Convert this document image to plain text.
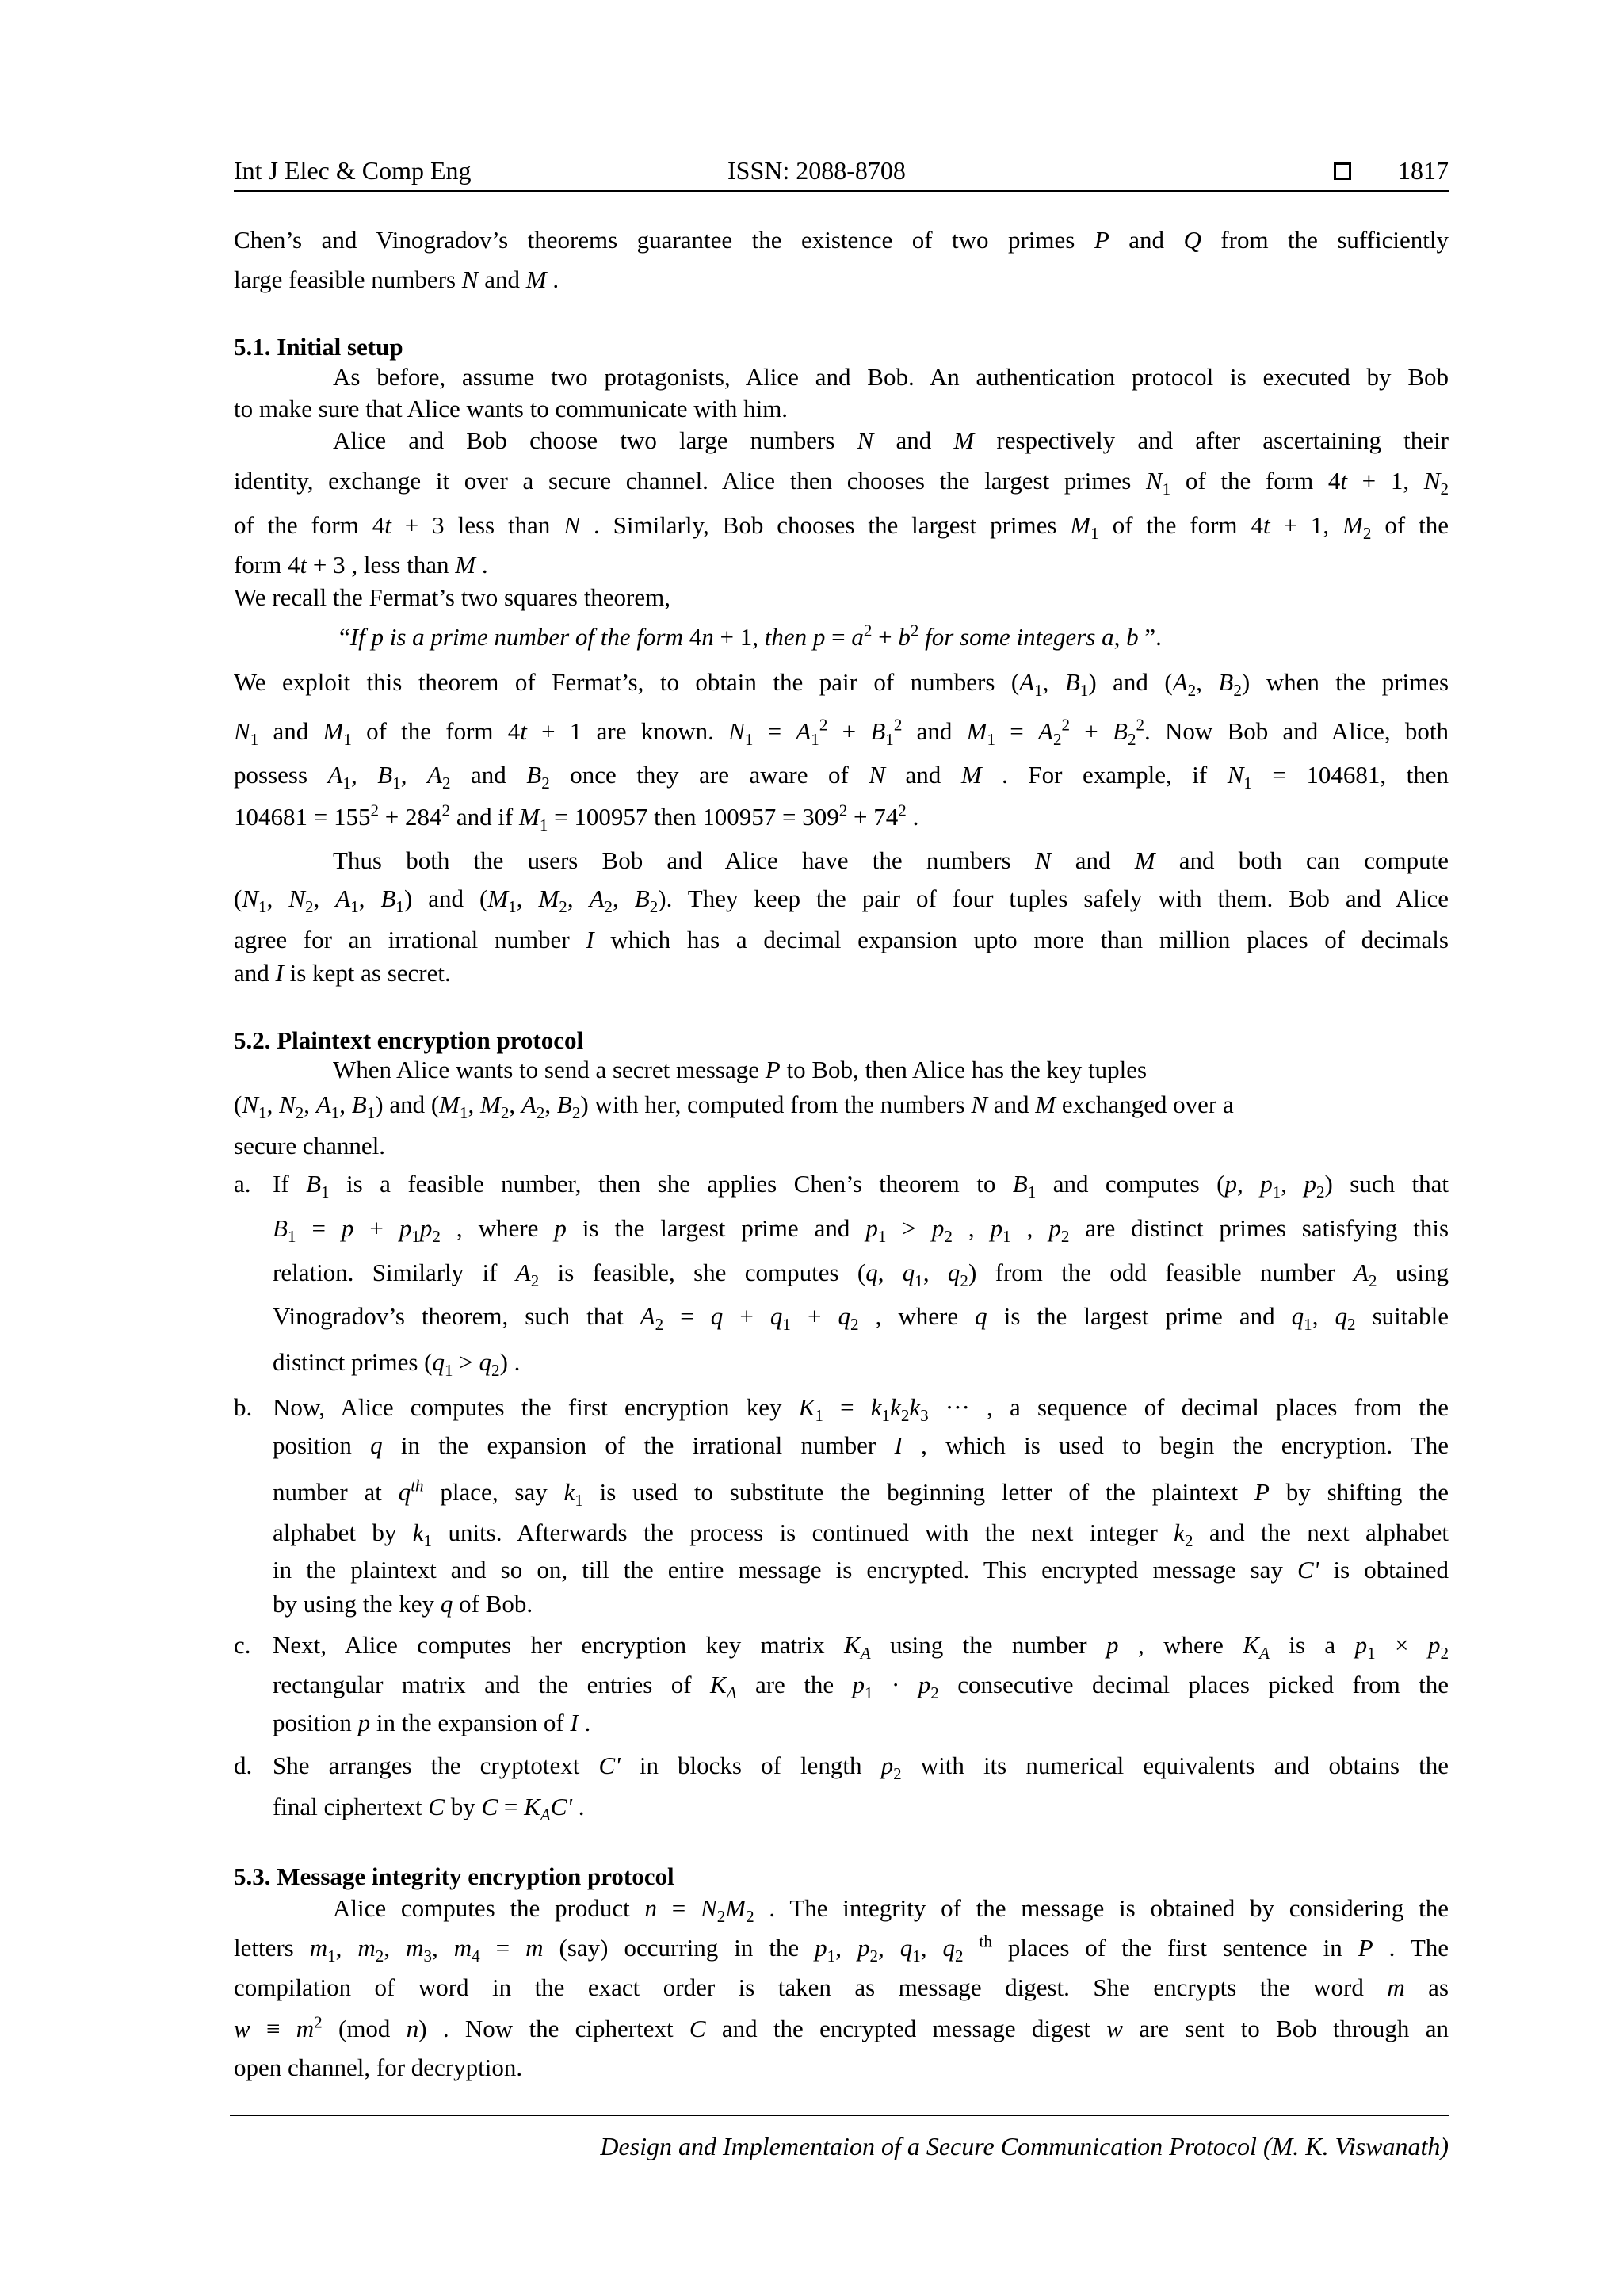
Int J Elec & Comp Eng	ISSN: 2088-8708	1817
Chen’s and Vinogradov’s theorems guarantee the existence of two primes P and Q from the sufficiently
large feasible numbers N and M .
5.1. Initial setup
As before, assume two protagonists, Alice and Bob. An authentication protocol is executed by Bob
to make sure that Alice wants to communicate with him.
Alice and Bob choose two large numbers N and M respectively and after ascertaining their
identity, exchange it over a secure channel. Alice then chooses the largest primes $N_1$ of the form 4t + 1, $N_2$
of the form 4t + 3 less than N . Similarly, Bob chooses the largest primes $M_1$ of the form 4t + 1, $M_2$ of the
form 4t + 3 , less than M .
We recall the Fermat’s two squares theorem,
“If p is a prime number of the form 4n + 1, then $p = a^2 + b^2$ for some integers a, b ”.
We exploit this theorem of Fermat’s, to obtain the pair of numbers ($A_1$, $B_1$) and ($A_2$, $B_2$) when the primes
$N_1$ and $M_1$ of the form 4t + 1 are known. $N_1 = A_1^2 + B_1^2$ and $M_1 = A_2^2 + B_2^2$. Now Bob and Alice, both
possess $A_1$, $B_1$, $A_2$ and $B_2$ once they are aware of N and M . For example, if $N_1 = 104681$, then
$104681 = 155^2 + 284^2$ and if $M_1 = 100957$ then $100957 = 309^2 + 74^2$ .
Thus both the users Bob and Alice have the numbers N and M and both can compute
($N_1$, $N_2$, $A_1$, $B_1$) and ($M_1$, $M_2$, $A_2$, $B_2$). They keep the pair of four tuples safely with them. Bob and Alice
agree for an irrational number I which has a decimal expansion upto more than million places of decimals
and I is kept as secret.
5.2. Plaintext encryption protocol
When Alice wants to send a secret message P to Bob, then Alice has the key tuples
($N_1$, $N_2$, $A_1$, $B_1$) and ($M_1$, $M_2$, $A_2$, $B_2$) with her, computed from the numbers N and M exchanged over a
secure channel.
a. If $B_1$ is a feasible number, then she applies Chen’s theorem to $B_1$ and computes (p, $p_1$, $p_2$) such that
$B_1 = p + p_1p_2$ , where p is the largest prime and $p_1 > p_2$ , $p_1$ , $p_2$ are distinct primes satisfying this
relation. Similarly if $A_2$ is feasible, she computes (q, $q_1$, $q_2$) from the odd feasible number $A_2$ using
Vinogradov’s theorem, such that $A_2 = q + q_1 + q_2$ , where q is the largest prime and $q_1$, $q_2$ suitable
distinct primes $(q_1 > q_2)$ .
b. Now, Alice computes the first encryption key $K_1 = k_1k_2k_3$ ··· , a sequence of decimal places from the
position q in the expansion of the irrational number I , which is used to begin the encryption. The
number at $q^{th}$ place, say $k_1$ is used to substitute the beginning letter of the plaintext P by shifting the
alphabet by $k_1$ units. Afterwards the process is continued with the next integer $k_2$ and the next alphabet
in the plaintext and so on, till the entire message is encrypted. This encrypted message say C' is obtained
by using the key q of Bob.
c. Next, Alice computes her encryption key matrix $K_A$ using the number p , where $K_A$ is a $p_1 \times p_2$
rectangular matrix and the entries of $K_A$ are the $p_1 \cdot p_2$ consecutive decimal places picked from the
position p in the expansion of I .
d. She arranges the cryptotext C' in blocks of length $p_2$ with its numerical equivalents and obtains the
final ciphertext C by $C = K_AC'$ .
5.3. Message integrity encryption protocol
Alice computes the product $n = N_2M_2$ . The integrity of the message is obtained by considering the
letters $m_1$, $m_2$, $m_3$, $m_4 = m$ (say) occurring in the $p_1$, $p_2$, $q_1$, $q_2$ $^{th}$ places of the first sentence in P . The
compilation of word in the exact order is taken as message digest. She encrypts the word m as
$w \equiv m^2$ (mod n) . Now the ciphertext C and the encrypted message digest w are sent to Bob through an
open channel, for decryption.
Design and Implementaion of a Secure Communication Protocol (M. K. Viswanath)
